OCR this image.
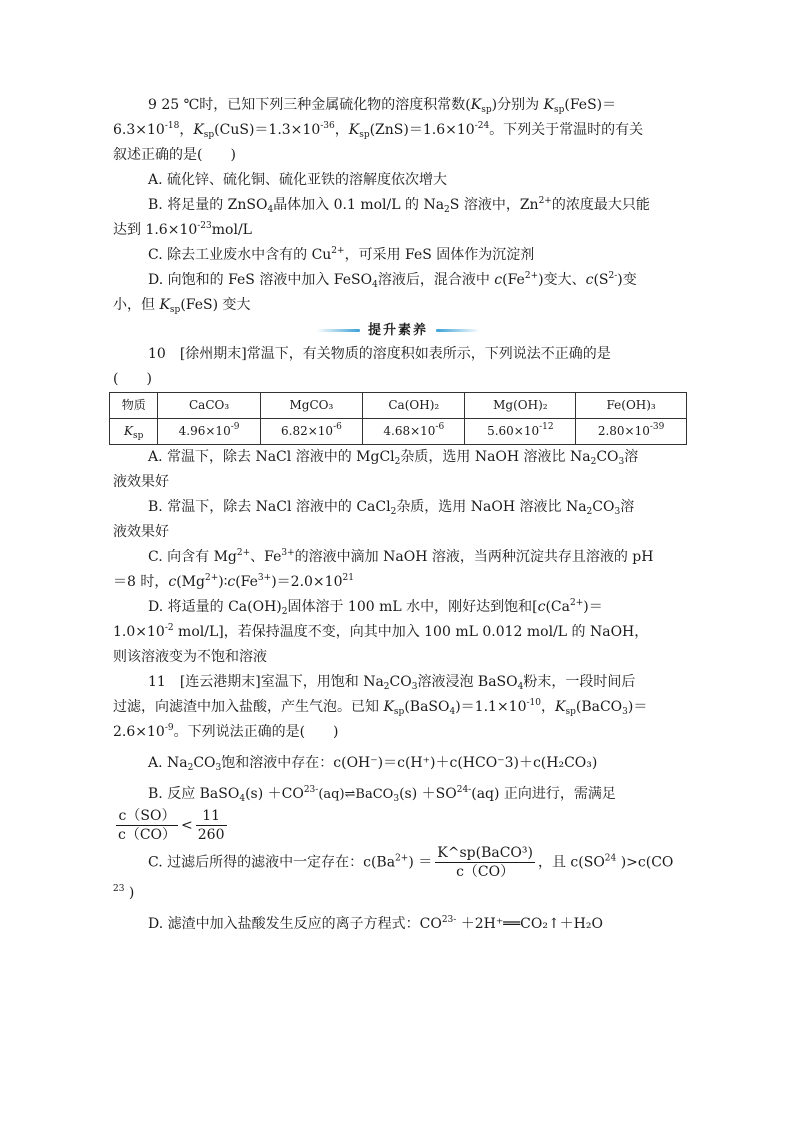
9 25 ℃时，已知下列三种金属硫化物的溶度积常数$(K_{sp})$分别为 $K_{sp}(FeS)=$

$6.3\times 10^{-18}$，$K_{sp}(CuS)=1.3\times 10^{-36}$，$K_{sp}(ZnS)=1.6\times 10^{-24}$。下列关于常温时的有关

叙述正确的是(　　)

A. 硫化锌、硫化铜、硫化亚铁的溶解度依次增大

B. 将足量的 ZnSO$_4$晶体加入 0.1 mol/L 的 $Na_2S$ 溶液中，$Zn^{2+}$的浓度最大只能

达到 $1.6\times 10^{-23}mol/L$

C. 除去工业废水中含有的 $Cu^{2+}$，可采用 FeS 固体作为沉淀剂

D. 向饱和的 FeS 溶液中加入 FeSO$_4$溶液后，混合液中 $c(Fe^{2+})$变大、$c(S^{2-})$变

小，但 $K_{sp}(FeS)$ 变大

提升素养

10　[徐州期末]常温下，有关物质的溶度积如表所示，下列说法不正确的是

(　　)

物质	CaCO₃	MgCO₃	Ca(OH)₂	Mg(OH)₂	Fe(OH)₃
$K_{sp}$	$4.96\times 10^{-9}$	$6.82\times 10^{-6}$	$4.68\times 10^{-6}$	$5.60\times 10^{-12}$	$2.80\times 10^{-39}$

A. 常温下，除去 NaCl 溶液中的 MgCl$_2$杂质，选用 NaOH 溶液比 $Na_2CO_3$溶

液效果好

B. 常温下，除去 NaCl 溶液中的 CaCl$_2$杂质，选用 NaOH 溶液比 $Na_2CO_3$溶

液效果好

C. 向含有 $Mg^{2+}$、$Fe^{3+}$的溶液中滴加 NaOH 溶液，当两种沉淀共存且溶液的 pH

＝8 时，$c(Mg^{2+})∶c(Fe^{3+})=2.0\times 10^{21}$

D. 将适量的 $Ca(OH)_2$固体溶于 100 mL 水中，刚好达到饱和[$c(Ca^{2+})=$

$1.0\times 10^{-2}$ mol/L]，若保持温度不变，向其中加入 100 mL 0.012 mol/L 的 NaOH，

则该溶液变为不饱和溶液

11　[连云港期末]室温下，用饱和 $Na_2CO_3$溶液浸泡 BaSO$_4$粉末，一段时间后

过滤，向滤渣中加入盐酸，产生气泡。已知 $K_{sp}(BaSO_4)=1.1\times 10^{-10}$，$K_{sp}(BaCO_3)=$

$2.6\times 10^{-9}$。下列说法正确的是(　　)

A. $Na_2CO_3$饱和溶液中存在：c(OH⁻)＝c(H⁺)＋c(HCO⁻3)＋c(H₂CO₃)

B. 反应 BaSO$_4$(s) $+CO^{23-}(aq)\rightleftharpoons BaCO_3(s) +SO^{24-}(aq)$ 正向进行，需满足

$\frac{c(SO)}{c(CO)} < \frac{11}{260}$

C. 过滤后所得的滤液中一定存在：$c(Ba^{2+}) = \frac{\text{K\textasciicircum{}sp(BaCO³)}}{c(CO)}$ ，且 c(SO$^{24}$ )>c(CO

$^{23}$ )

D. 滤渣中加入盐酸发生反应的离子方程式：$CO^{23-}$ ＋2H⁺══CO₂↑＋H₂O
